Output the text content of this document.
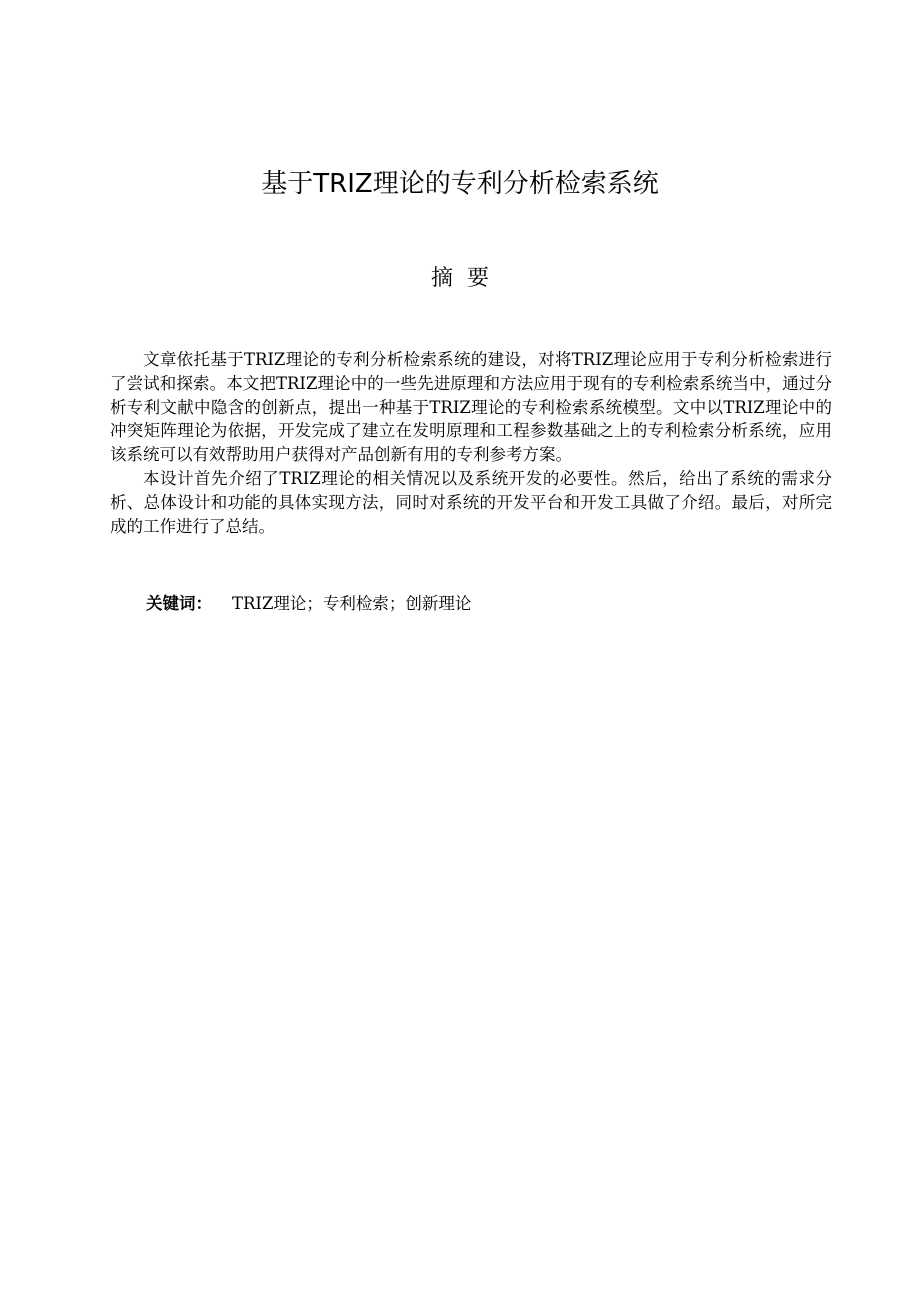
基于TRIZ理论的专利分析检索系统
摘要

文章依托基于TRIZ理论的专利分析检索系统的建设，对将TRIZ理论应用于专利分析检索进行了尝试和探索。本文把TRIZ理论中的一些先进原理和方法应用于现有的专利检索系统当中，通过分析专利文献中隐含的创新点，提出一种基于TRIZ理论的专利检索系统模型。文中以TRIZ理论中的冲突矩阵理论为依据，开发完成了建立在发明原理和工程参数基础之上的专利检索分析系统，应用该系统可以有效帮助用户获得对产品创新有用的专利参考方案。

本设计首先介绍了TRIZ理论的相关情况以及系统开发的必要性。然后，给出了系统的需求分析、总体设计和功能的具体实现方法，同时对系统的开发平台和开发工具做了介绍。最后，对所完成的工作进行了总结。

关键词： TRIZ理论；专利检索；创新理论
